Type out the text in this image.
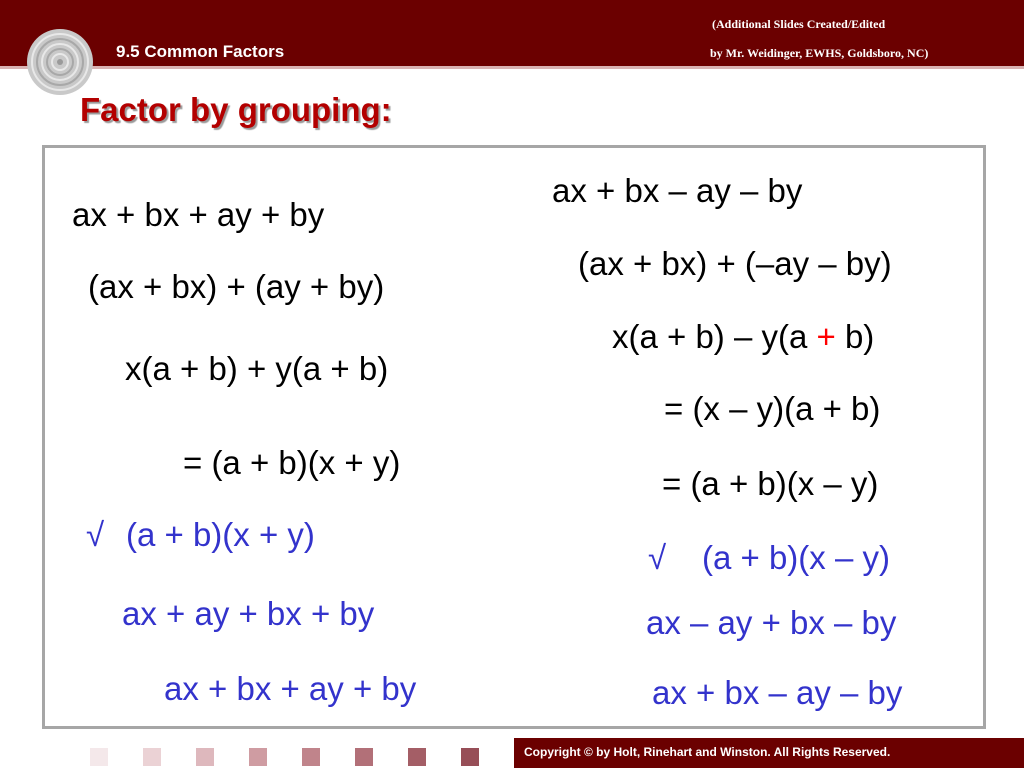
9.5 Common Factors
(Additional Slides Created/Edited
by Mr. Weidinger, EWHS, Goldsboro, NC)
Factor by grouping:
ax + bx + ay + by
(ax + bx) + (ay + by)
x(a + b) + y(a + b)
= (a + b)(x + y)
√ (a + b)(x + y)
ax + ay + bx + by
ax + bx + ay + by
ax + bx – ay – by
(ax + bx) + (–ay – by)
x(a + b) – y(a + b)
= (x – y)(a + b)
= (a + b)(x – y)
√ (a + b)(x – y)
ax – ay + bx – by
ax + bx – ay – by
Copyright © by Holt, Rinehart and Winston. All Rights Reserved.
